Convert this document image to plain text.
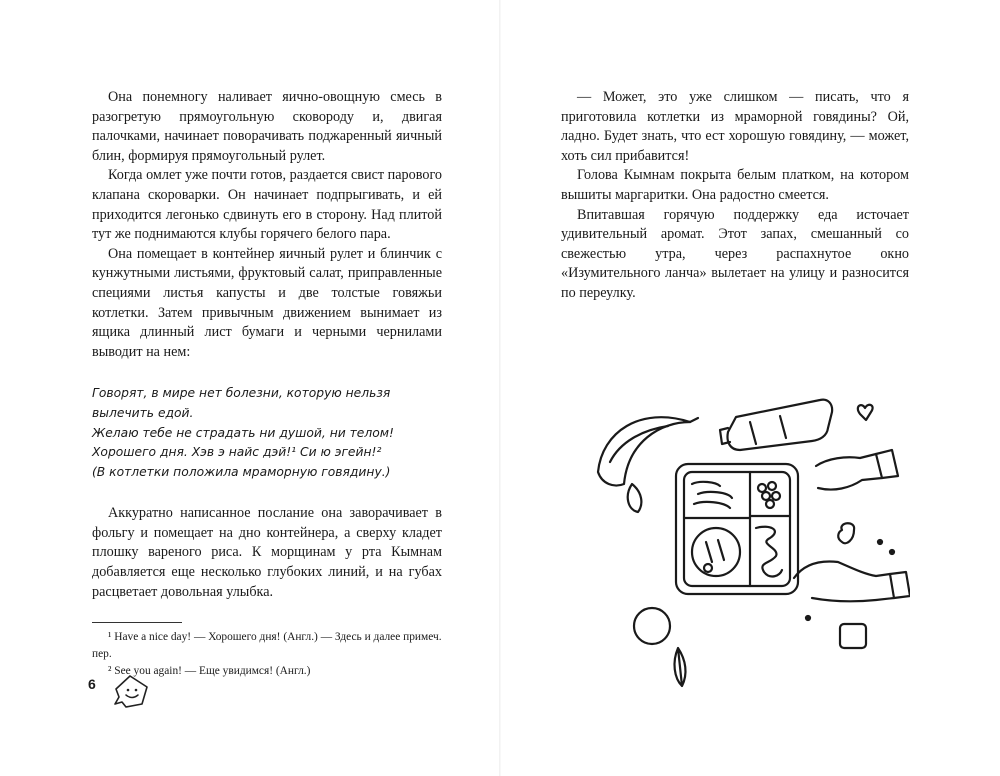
Она понемногу наливает яично-овощную смесь в разогретую прямоугольную сковороду и, двигая палочками, начинает поворачивать поджаренный яичный блин, формируя прямоугольный рулет.

Когда омлет уже почти готов, раздается свист парового клапана скороварки. Он начинает подпрыгивать, и ей приходится легонько сдвинуть его в сторону. Над плитой тут же поднимаются клубы горячего белого пара.

Она помещает в контейнер яичный рулет и блинчик с кунжутными листьями, фруктовый салат, приправленные специями листья капусты и две толстые говяжьи котлетки. Затем привычным движением вынимает из ящика длинный лист бумаги и черными чернилами выводит на нем:

Говорят, в мире нет болезни, которую нельзя вылечить едой.
Желаю тебе не страдать ни душой, ни телом!
Хорошего дня. Хэв э найс дэй!¹ Си ю эгейн!²
(В котлетки положила мраморную говядину.)

Аккуратно написанное послание она заворачивает в фольгу и помещает на дно контейнера, а сверху кладет плошку вареного риса. К морщинам у рта Кымнам добавляется еще несколько глубоких линий, и на губах расцветает довольная улыбка.

¹ Have a nice day! — Хорошего дня! (Англ.) — Здесь и далее примеч. пер.

² See you again! — Еще увидимся! (Англ.)

6

— Может, это уже слишком — писать, что я приготовила котлетки из мраморной говядины? Ой, ладно. Будет знать, что ест хорошую говядину, — может, хоть сил прибавится!

Голова Кымнам покрыта белым платком, на котором вышиты маргаритки. Она радостно смеется.

Впитавшая горячую поддержку еда источает удивительный аромат. Этот запах, смешанный со свежестью утра, через распахнутое окно «Изумительного ланча» вылетает на улицу и разносится по переулку.
